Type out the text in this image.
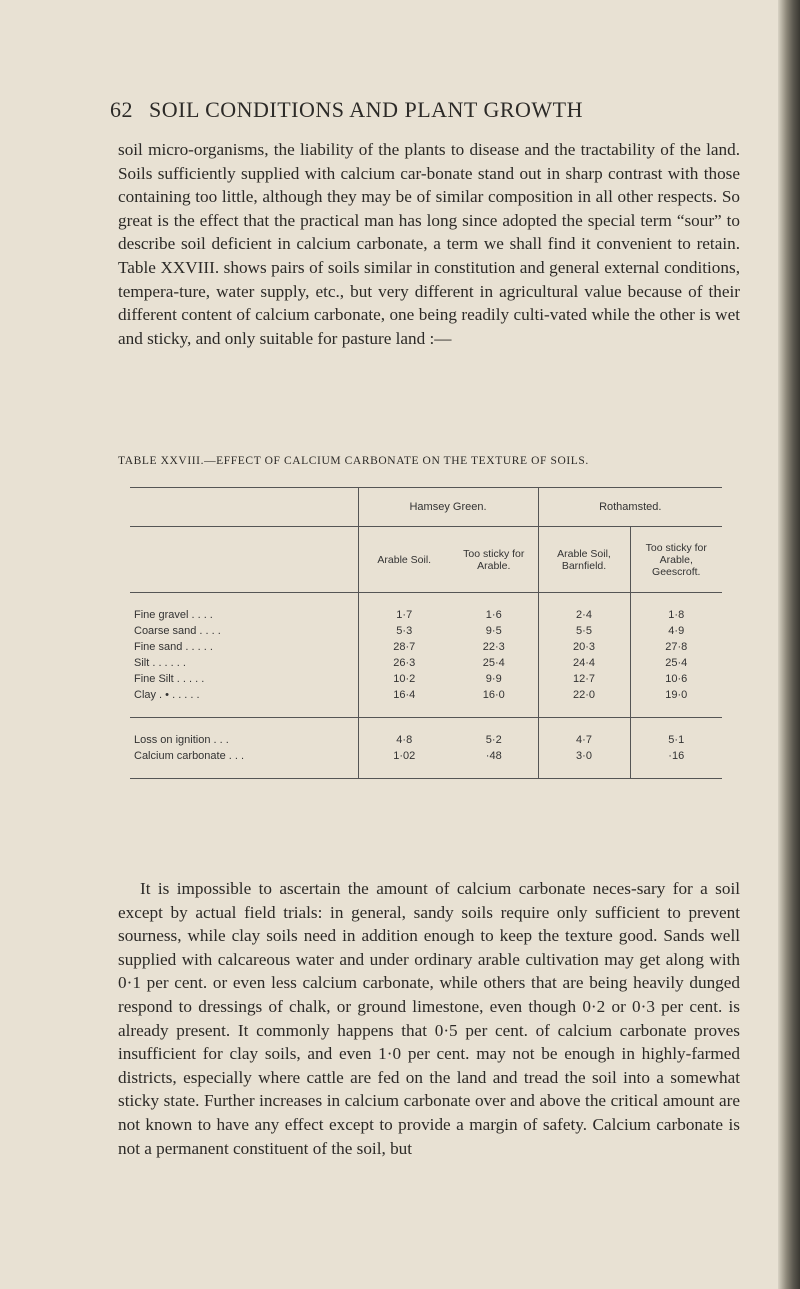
62 SOIL CONDITIONS AND PLANT GROWTH
soil micro-organisms, the liability of the plants to disease and the tractability of the land. Soils sufficiently supplied with calcium car-bonate stand out in sharp contrast with those containing too little, although they may be of similar composition in all other respects. So great is the effect that the practical man has long since adopted the special term “sour” to describe soil deficient in calcium carbonate, a term we shall find it convenient to retain. Table XXVIII. shows pairs of soils similar in constitution and general external conditions, tempera-ture, water supply, etc., but very different in agricultural value because of their different content of calcium carbonate, one being readily culti-vated while the other is wet and sticky, and only suitable for pasture land :—
TABLE XXVIII.—EFFECT OF CALCIUM CARBONATE ON THE TEXTURE OF SOILS.
	Hamsey Green.		Rothamsted.	
	Arable Soil.	Too sticky for Arable.	Arable Soil, Barnfield.	Too sticky for Arable, Geescroft.

Fine gravel . . . .	1·7	1·6	2·4	1·8
Coarse sand . . . .	5·3	9·5	5·5	4·9
Fine sand . . . . .	28·7	22·3	20·3	27·8
Silt . . . . . .	26·3	25·4	24·4	25·4
Fine Silt . . . . .	10·2	9·9	12·7	10·6
Clay . • . . . . .	16·4	16·0	22·0	19·0

Loss on ignition . . .	4·8	5·2	4·7	5·1
Calcium carbonate . . .	1·02	·48	3·0	·16

It is impossible to ascertain the amount of calcium carbonate neces-sary for a soil except by actual field trials: in general, sandy soils require only sufficient to prevent sourness, while clay soils need in addition enough to keep the texture good. Sands well supplied with calcareous water and under ordinary arable cultivation may get along with 0·1 per cent. or even less calcium carbonate, while others that are being heavily dunged respond to dressings of chalk, or ground limestone, even though 0·2 or 0·3 per cent. is already present. It commonly happens that 0·5 per cent. of calcium carbonate proves insufficient for clay soils, and even 1·0 per cent. may not be enough in highly-farmed districts, especially where cattle are fed on the land and tread the soil into a somewhat sticky state. Further increases in calcium carbonate over and above the critical amount are not known to have any effect except to provide a margin of safety. Calcium carbonate is not a permanent constituent of the soil, but
